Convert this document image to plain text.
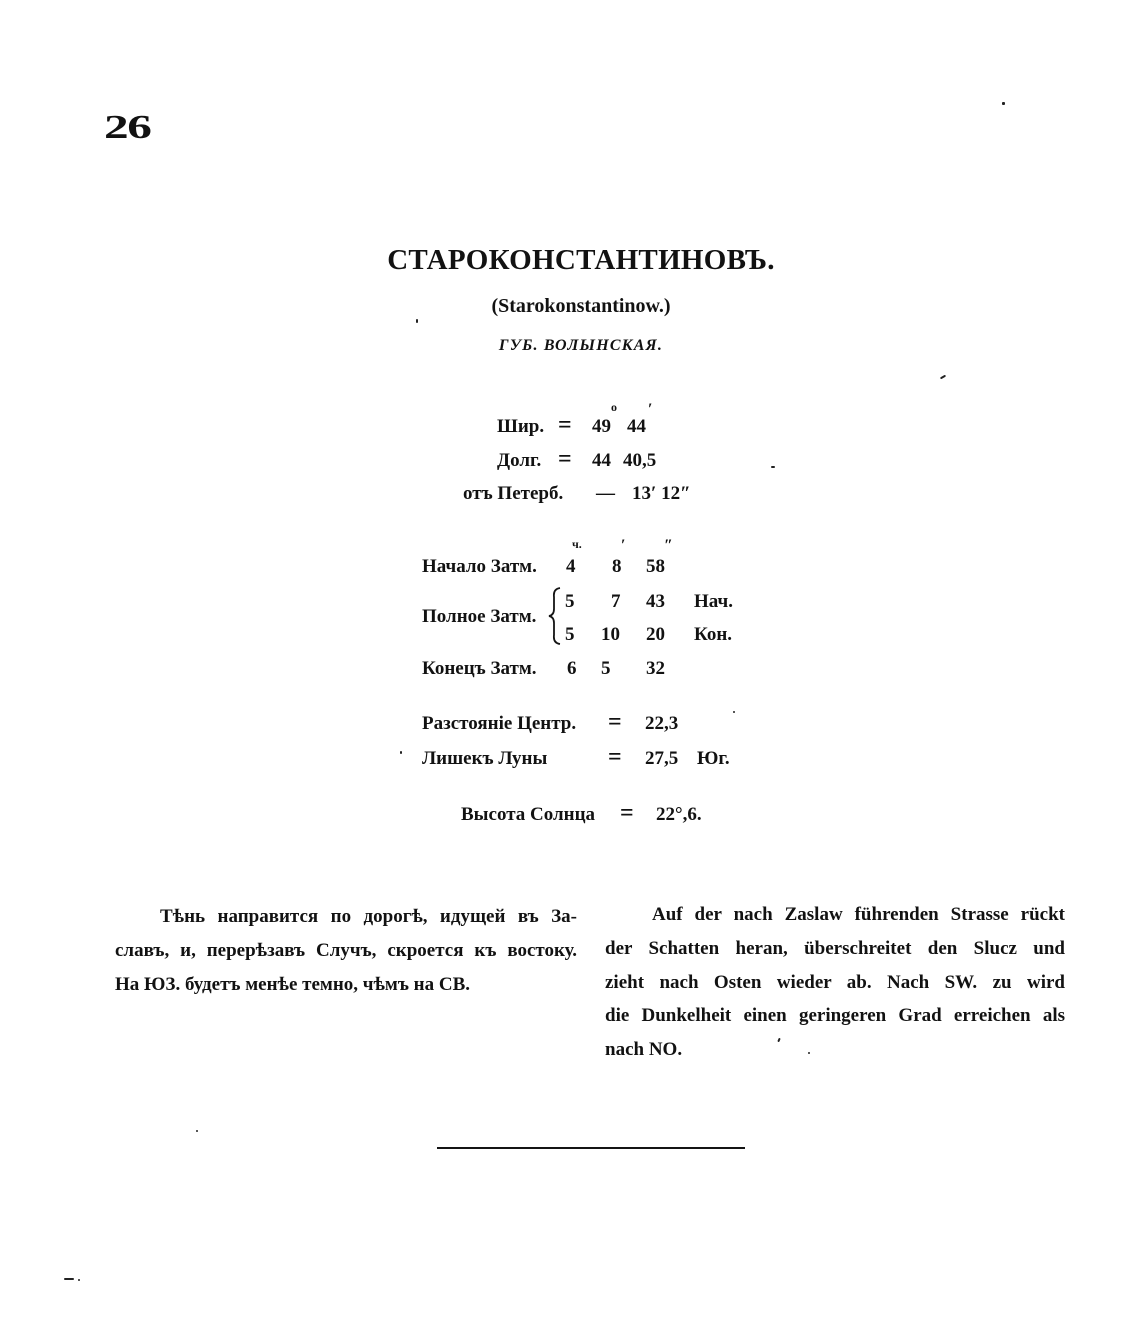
26
СТАРОКОНСТАНТИНОВЪ.
(Starokonstantinow.)
ГУБ. ВОЛЫНСКАЯ.
Шир. = 49
o
44
′
Долг. = 44 40,5
отъ Петерб. — 13′ 12″
ч. ′ ″
Начало Затм. 4 8 58
Полное Затм.
5 7 43 Нач.
5 10 20 Кон.
Конецъ Затм. 6 5 32
Разстояніе Центр. = 22,3
Лишекъ Луны	= 27,5 Юг.
Высота Солнца = 22°,6.
Тѣнь направится по дорогѣ, идущей въ За-
славъ, и, перерѣзавъ Случъ, скроется къ востоку.
На ЮЗ. будетъ менѣе темно, чѣмъ на СВ.
Auf der nach Zaslaw führenden Strasse rückt
der Schatten heran, überschreitet den Slucz und
zieht nach Osten wieder ab. Nach SW. zu wird
die Dunkelheit einen geringeren Grad erreichen als
nach NO.
